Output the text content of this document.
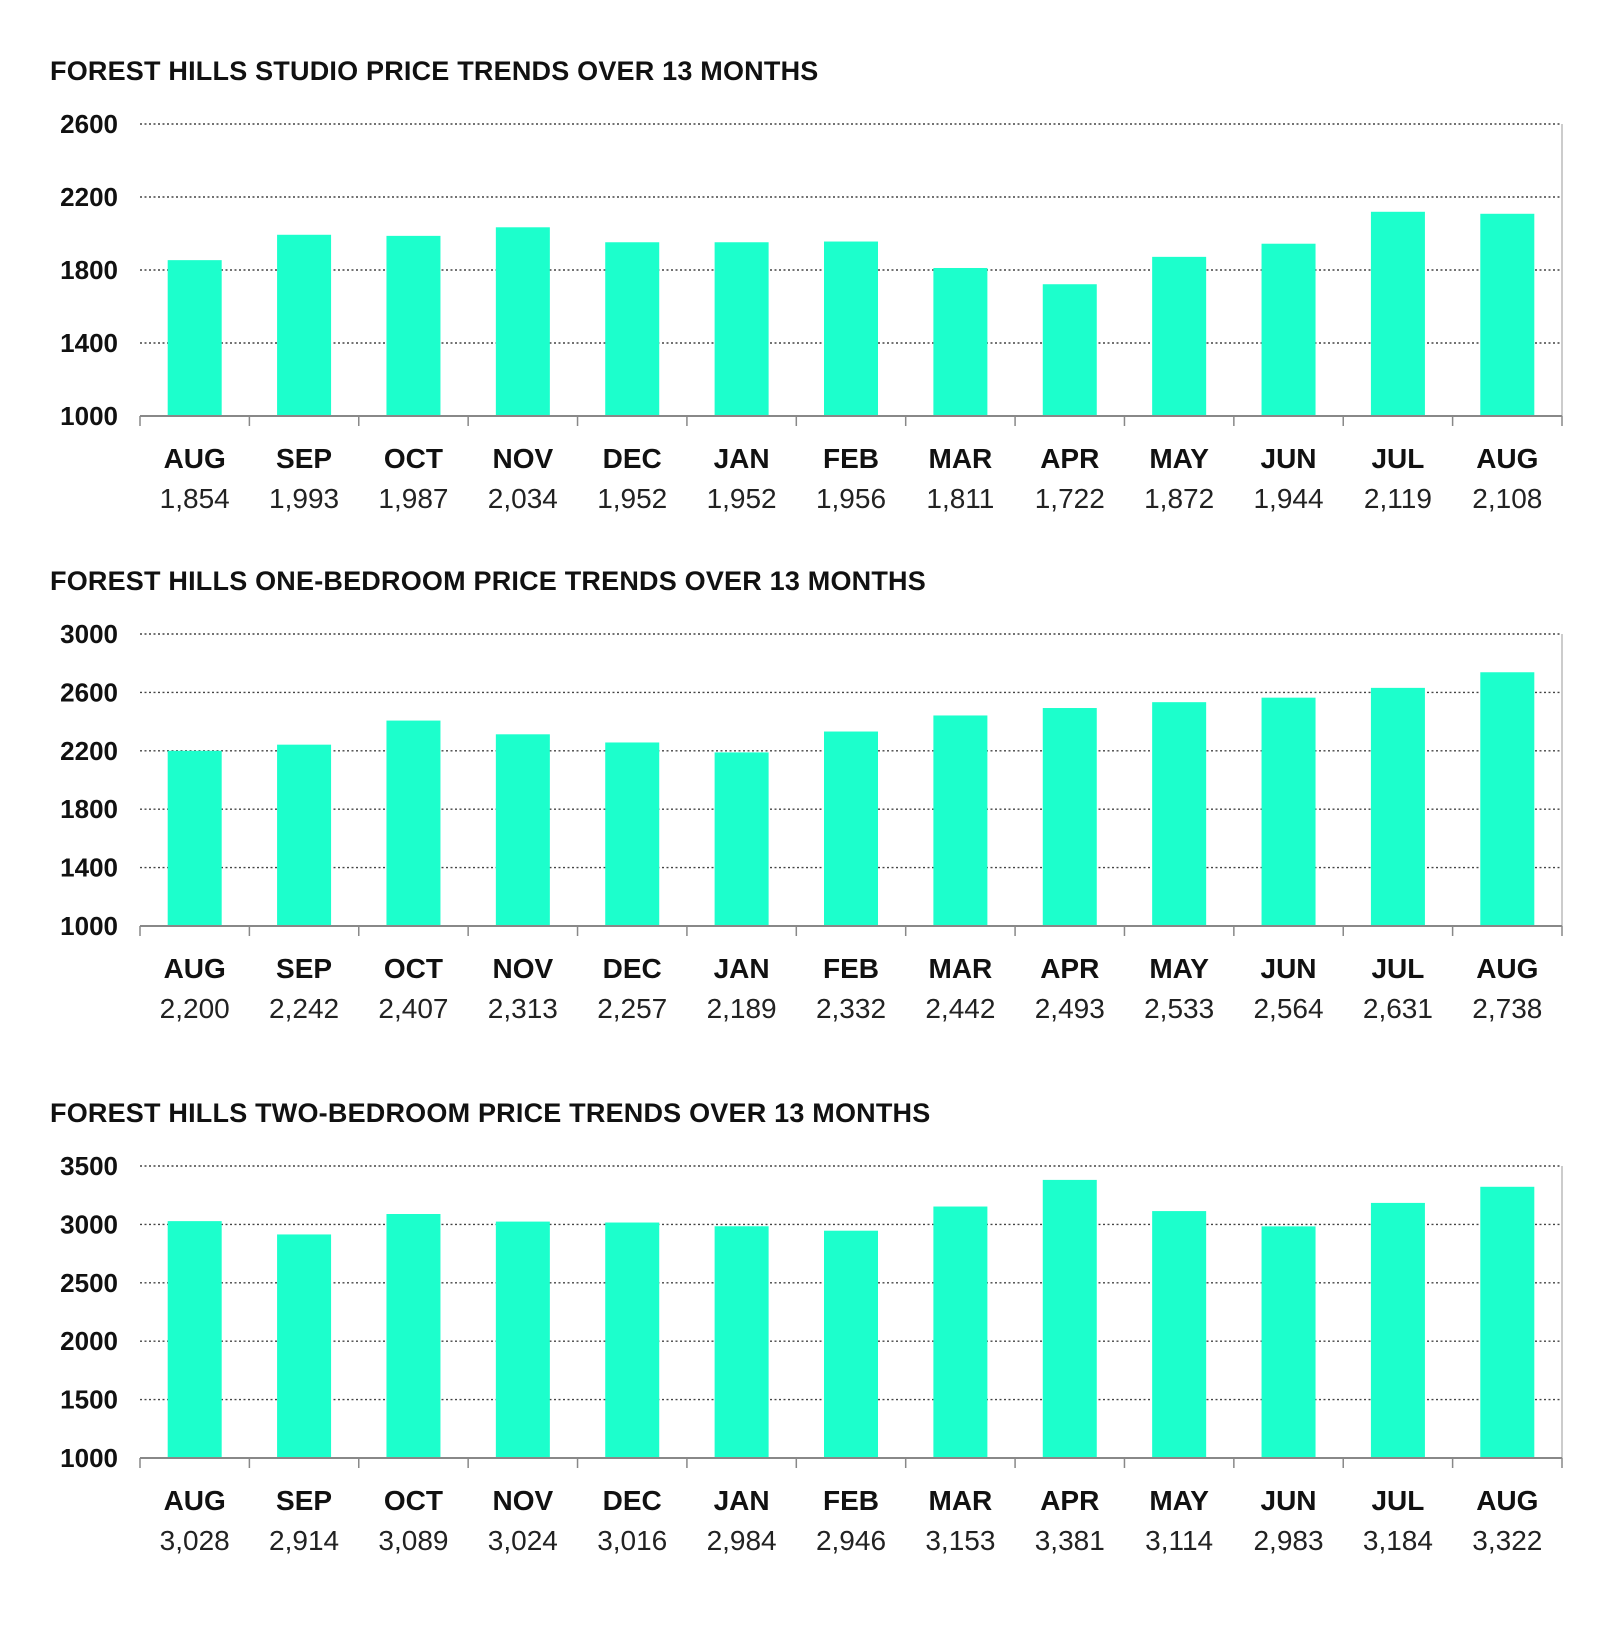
FOREST HILLS STUDIO PRICE TRENDS OVER 13 MONTHS
2600
2200
1800
1400
1000
AUG
1,854
SEP
1,993
OCT
1,987
NOV
2,034
DEC
1,952
JAN
1,952
FEB
1,956
MAR
1,811
APR
1,722
MAY
1,872
JUN
1,944
JUL
2,119
AUG
2,108
FOREST HILLS ONE-BEDROOM PRICE TRENDS OVER 13 MONTHS
3000
2600
2200
1800
1400
1000
AUG
2,200
SEP
2,242
OCT
2,407
NOV
2,313
DEC
2,257
JAN
2,189
FEB
2,332
MAR
2,442
APR
2,493
MAY
2,533
JUN
2,564
JUL
2,631
AUG
2,738
FOREST HILLS TWO-BEDROOM PRICE TRENDS OVER 13 MONTHS
3500
3000
2500
2000
1500
1000
AUG
3,028
SEP
2,914
OCT
3,089
NOV
3,024
DEC
3,016
JAN
2,984
FEB
2,946
MAR
3,153
APR
3,381
MAY
3,114
JUN
2,983
JUL
3,184
AUG
3,322
